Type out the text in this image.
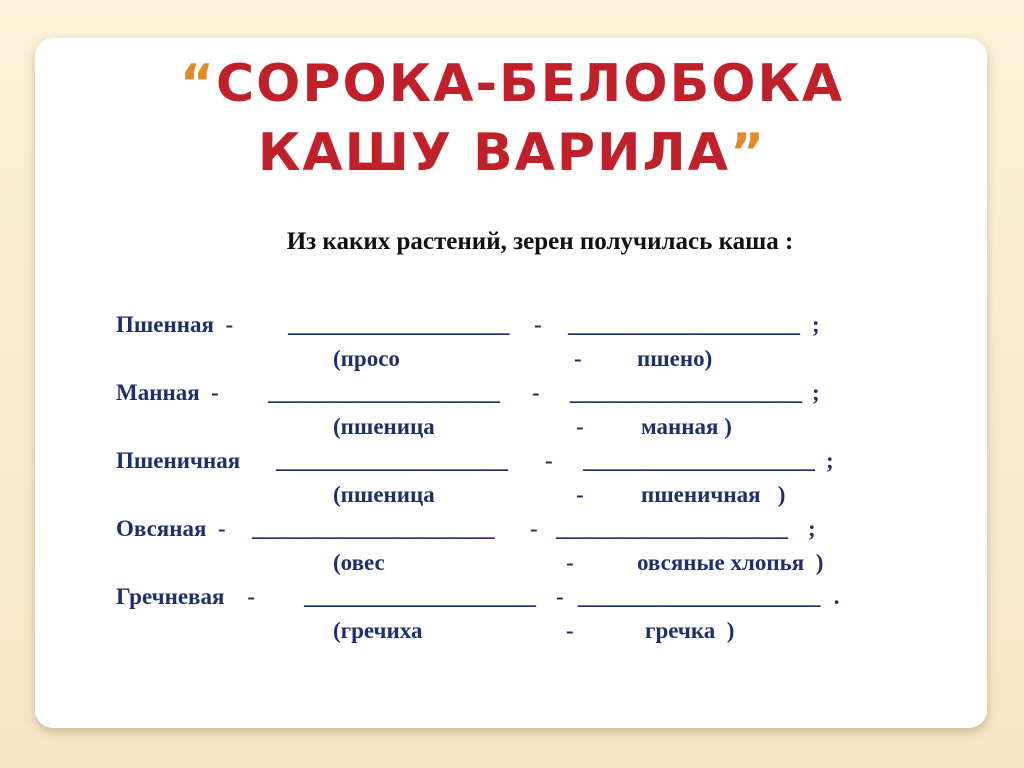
“СОРОКА-БЕЛОБОКА
КАШУ ВАРИЛА”
Из каких растений, зерен получилась каша :
Пшенная  - _____________________ - ______________________ ;
(просо	- пшено)
Манная  - ______________________ - ______________________ ;
(пшеница	- манная )
Пшеничная ______________________ - ______________________ ;
(пшеница	- пшеничная   )
Овсяная  - _______________________ - ______________________ ;
(овес	-	овсяные хлопья  )
Гречневая    - ______________________ - _______________________ .
(гречиха	-	гречка  )
